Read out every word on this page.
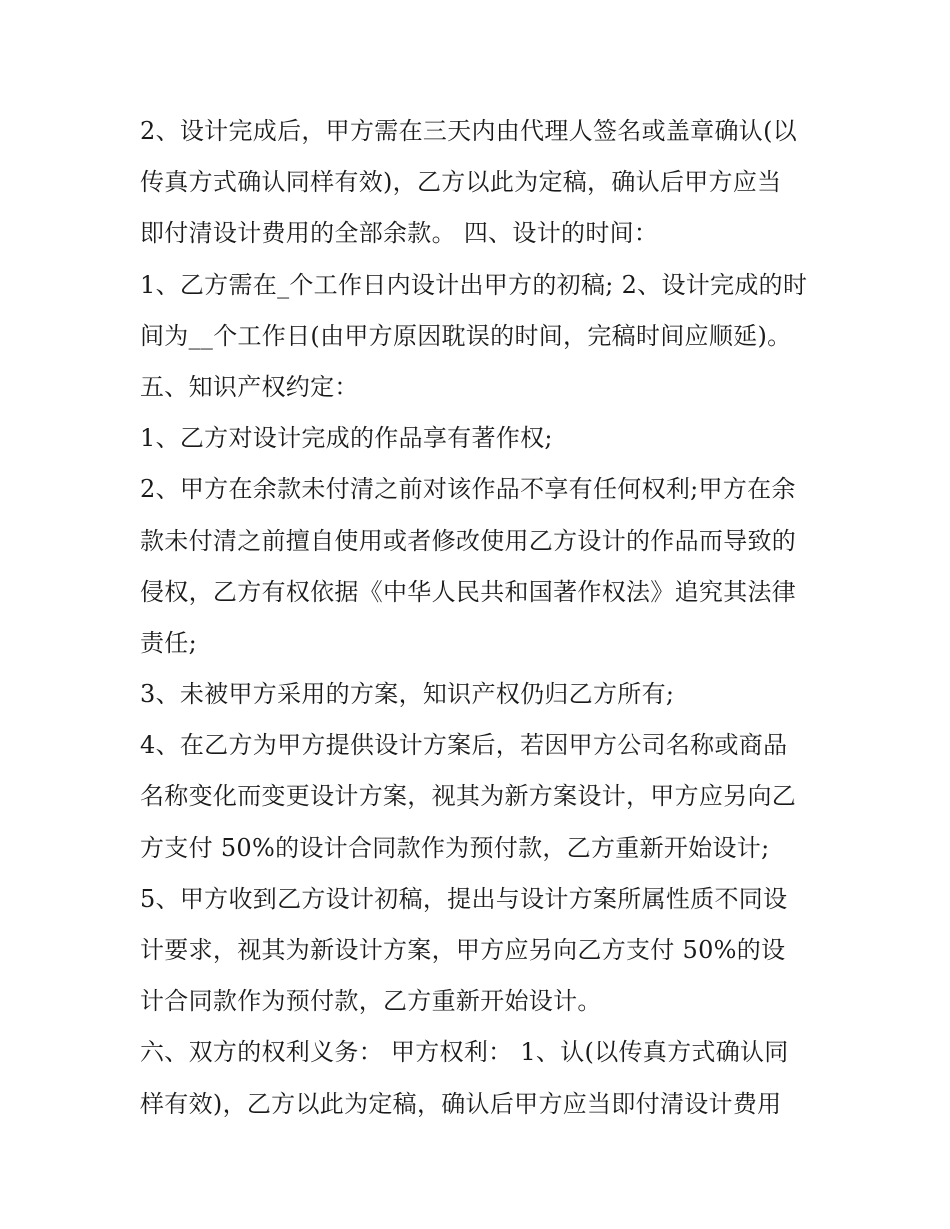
2、设计完成后，甲方需在三天内由代理人签名或盖章确认(以
传真方式确认同样有效)，乙方以此为定稿，确认后甲方应当
即付清设计费用的全部余款。 四、设计的时间：
1、乙方需在_个工作日内设计出甲方的初稿; 2、设计完成的时
间为__个工作日(由甲方原因耽误的时间，完稿时间应顺延)。
五、知识产权约定：
1、乙方对设计完成的作品享有著作权;
2、甲方在余款未付清之前对该作品不享有任何权利;甲方在余
款未付清之前擅自使用或者修改使用乙方设计的作品而导致的
侵权，乙方有权依据《中华人民共和国著作权法》追究其法律
责任;
3、未被甲方采用的方案，知识产权仍归乙方所有;
4、在乙方为甲方提供设计方案后，若因甲方公司名称或商品
名称变化而变更设计方案，视其为新方案设计，甲方应另向乙
方支付 50%的设计合同款作为预付款，乙方重新开始设计;
5、甲方收到乙方设计初稿，提出与设计方案所属性质不同设
计要求，视其为新设计方案，甲方应另向乙方支付 50%的设
计合同款作为预付款，乙方重新开始设计。
六、双方的权利义务： 甲方权利： 1、认(以传真方式确认同
样有效)，乙方以此为定稿，确认后甲方应当即付清设计费用
